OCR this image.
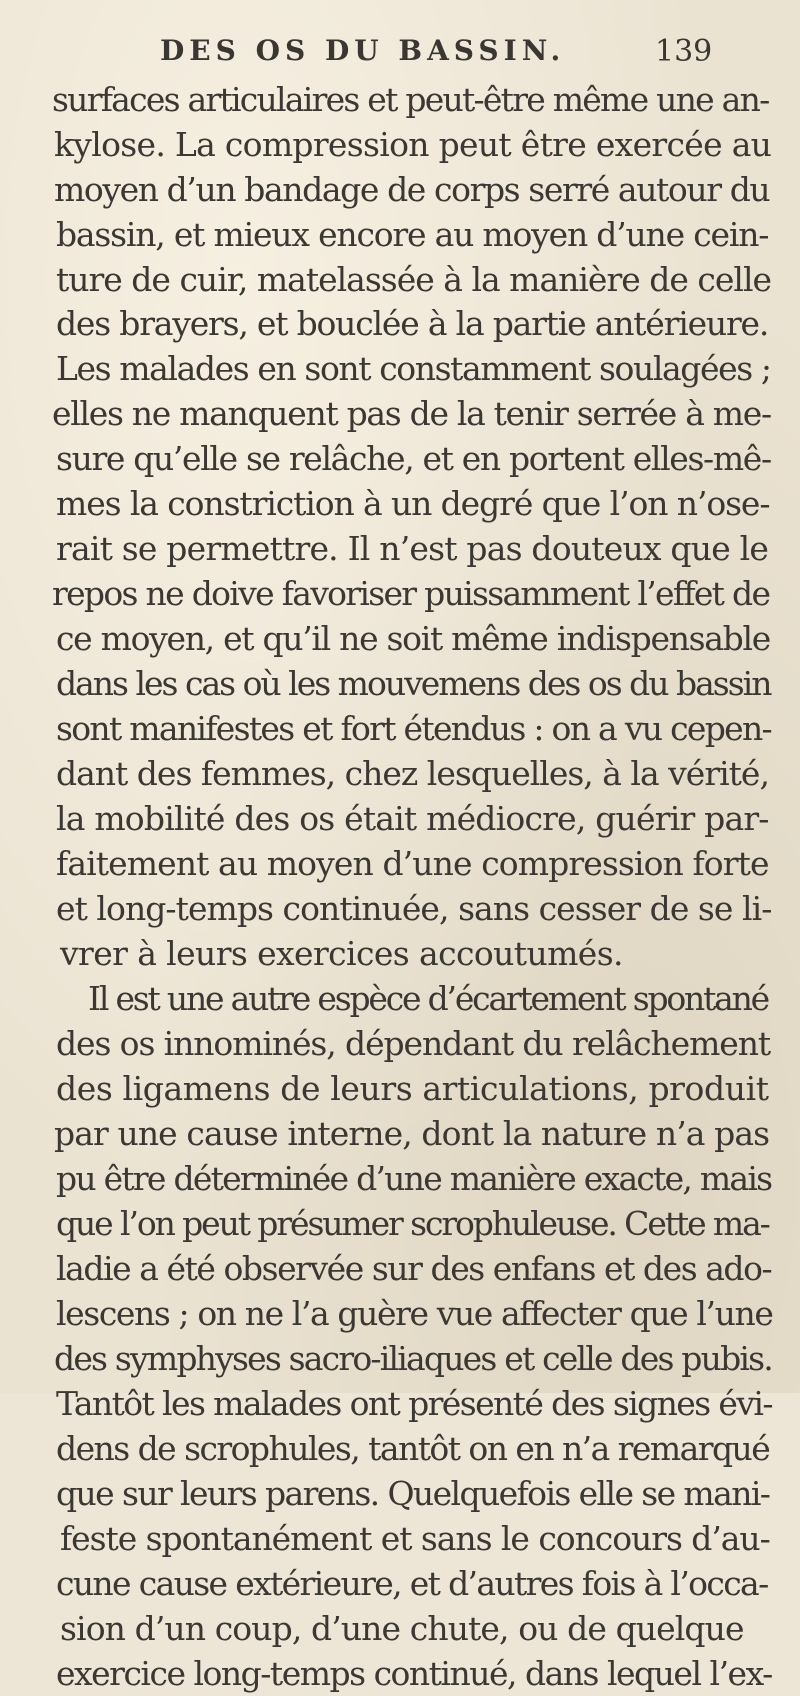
DES OS DU BASSIN.	139
surfaces articulaires et peut-être même une an-
kylose. La compression peut être exercée au
moyen d’un bandage de corps serré autour du
bassin, et mieux encore au moyen d’une cein-
ture de cuir, matelassée à la manière de celle
des brayers, et bouclée à la partie antérieure.
Les malades en sont constamment soulagées ;
elles ne manquent pas de la tenir serrée à me-
sure qu’elle se relâche, et en portent elles-mê-
mes la constriction à un degré que l’on n’ose-
rait se permettre. Il n’est pas douteux que le
repos ne doive favoriser puissamment l’effet de
ce moyen, et qu’il ne soit même indispensable
dans les cas où les mouvemens des os du bassin
sont manifestes et fort étendus : on a vu cepen-
dant des femmes, chez lesquelles, à la vérité,
la mobilité des os était médiocre, guérir par-
faitement au moyen d’une compression forte
et long-temps continuée, sans cesser de se li-
vrer à leurs exercices accoutumés.
Il est une autre espèce d’écartement spontané
des os innominés, dépendant du relâchement
des ligamens de leurs articulations, produit
par une cause interne, dont la nature n’a pas
pu être déterminée d’une manière exacte, mais
que l’on peut présumer scrophuleuse. Cette ma-
ladie a été observée sur des enfans et des ado-
lescens ; on ne l’a guère vue affecter que l’une
des symphyses sacro-iliaques et celle des pubis.
Tantôt les malades ont présenté des signes évi-
dens de scrophules, tantôt on en n’a remarqué
que sur leurs parens. Quelquefois elle se mani-
feste spontanément et sans le concours d’au-
cune cause extérieure, et d’autres fois à l’occa-
sion d’un coup, d’une chute, ou de quelque
exercice long-temps continué, dans lequel l’ex-
